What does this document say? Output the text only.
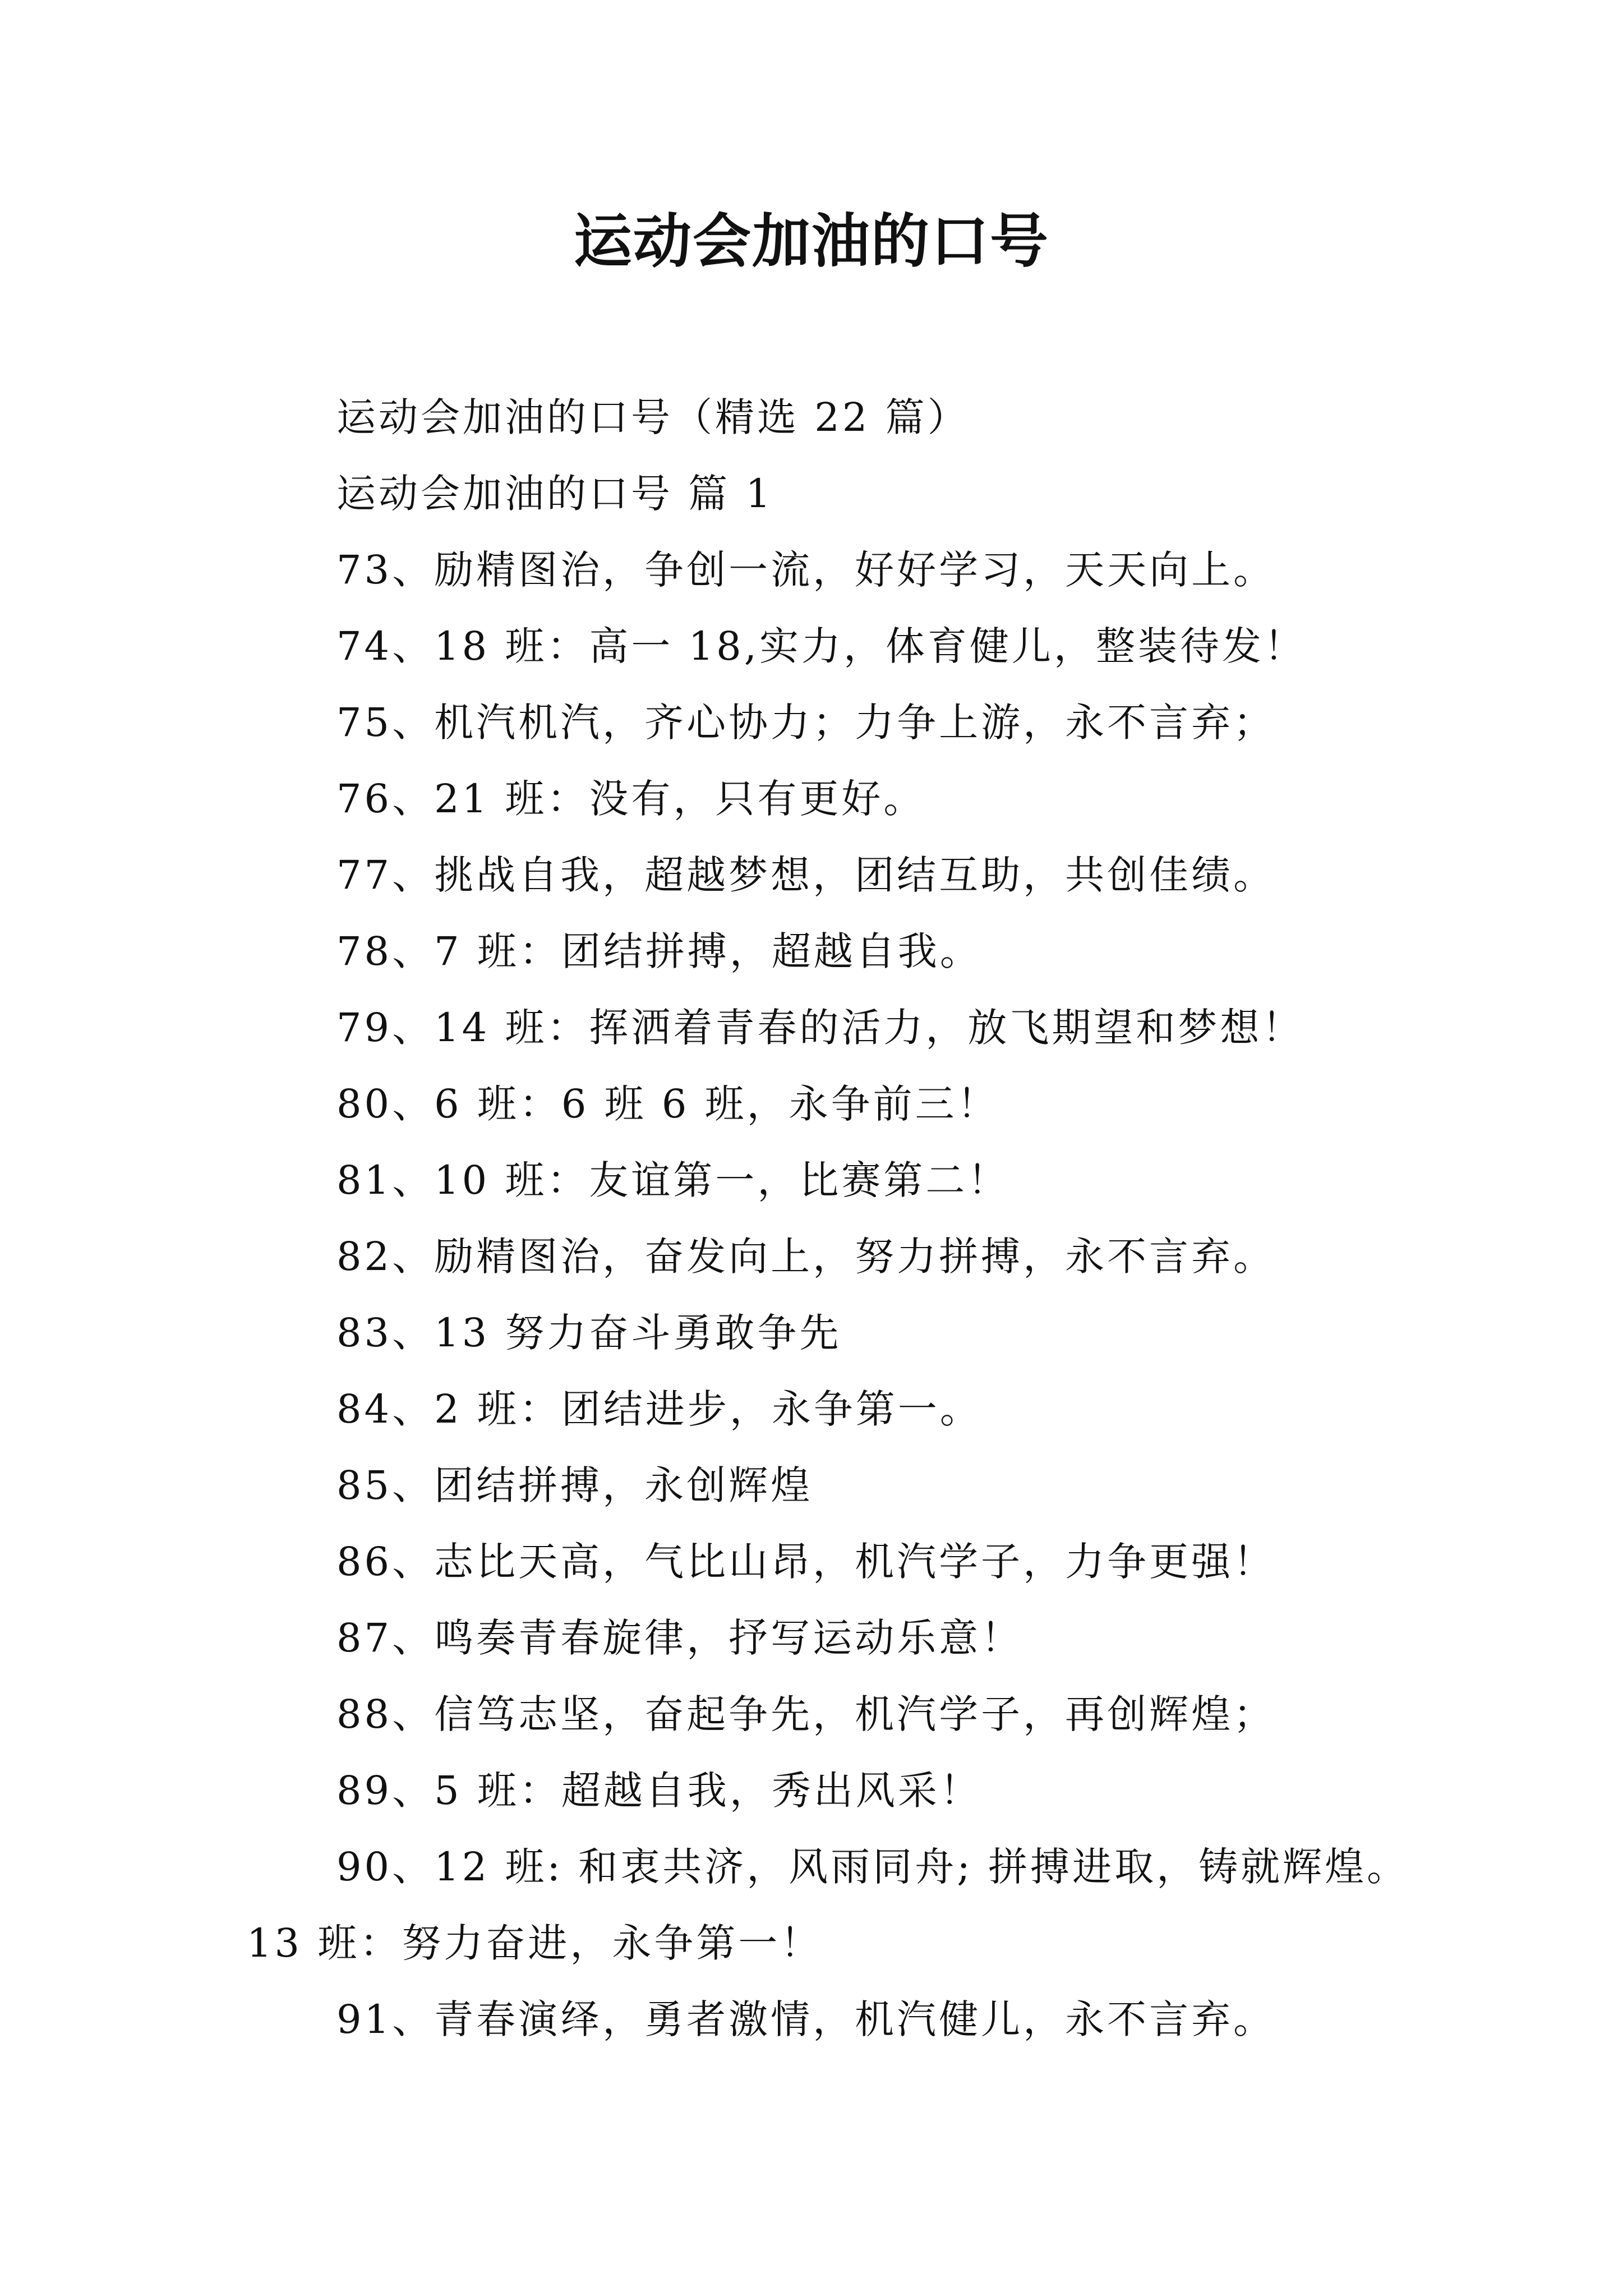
运动会加油的口号

运动会加油的口号（精选 22 篇）

运动会加油的口号 篇 1

73、励精图治，争创一流，好好学习，天天向上。

74、18 班：高一 18,实力，体育健儿，整装待发！

75、机汽机汽，齐心协力；力争上游，永不言弃；

76、21 班：没有，只有更好。

77、挑战自我，超越梦想，团结互助，共创佳绩。

78、7 班：团结拼搏，超越自我。

79、14 班：挥洒着青春的活力，放飞期望和梦想！

80、6 班：6 班 6 班，永争前三！

81、10 班：友谊第一，比赛第二！

82、励精图治，奋发向上，努力拼搏，永不言弃。

83、13 努力奋斗勇敢争先

84、2 班：团结进步，永争第一。

85、团结拼搏，永创辉煌

86、志比天高，气比山昂，机汽学子，力争更强！

87、鸣奏青春旋律，抒写运动乐意！

88、信笃志坚，奋起争先，机汽学子，再创辉煌；

89、5 班：超越自我，秀出风采！

90、12 班: 和衷共济，风雨同舟; 拼搏进取，铸就辉煌。

13 班：努力奋进，永争第一！

91、青春演绎，勇者激情，机汽健儿，永不言弃。
